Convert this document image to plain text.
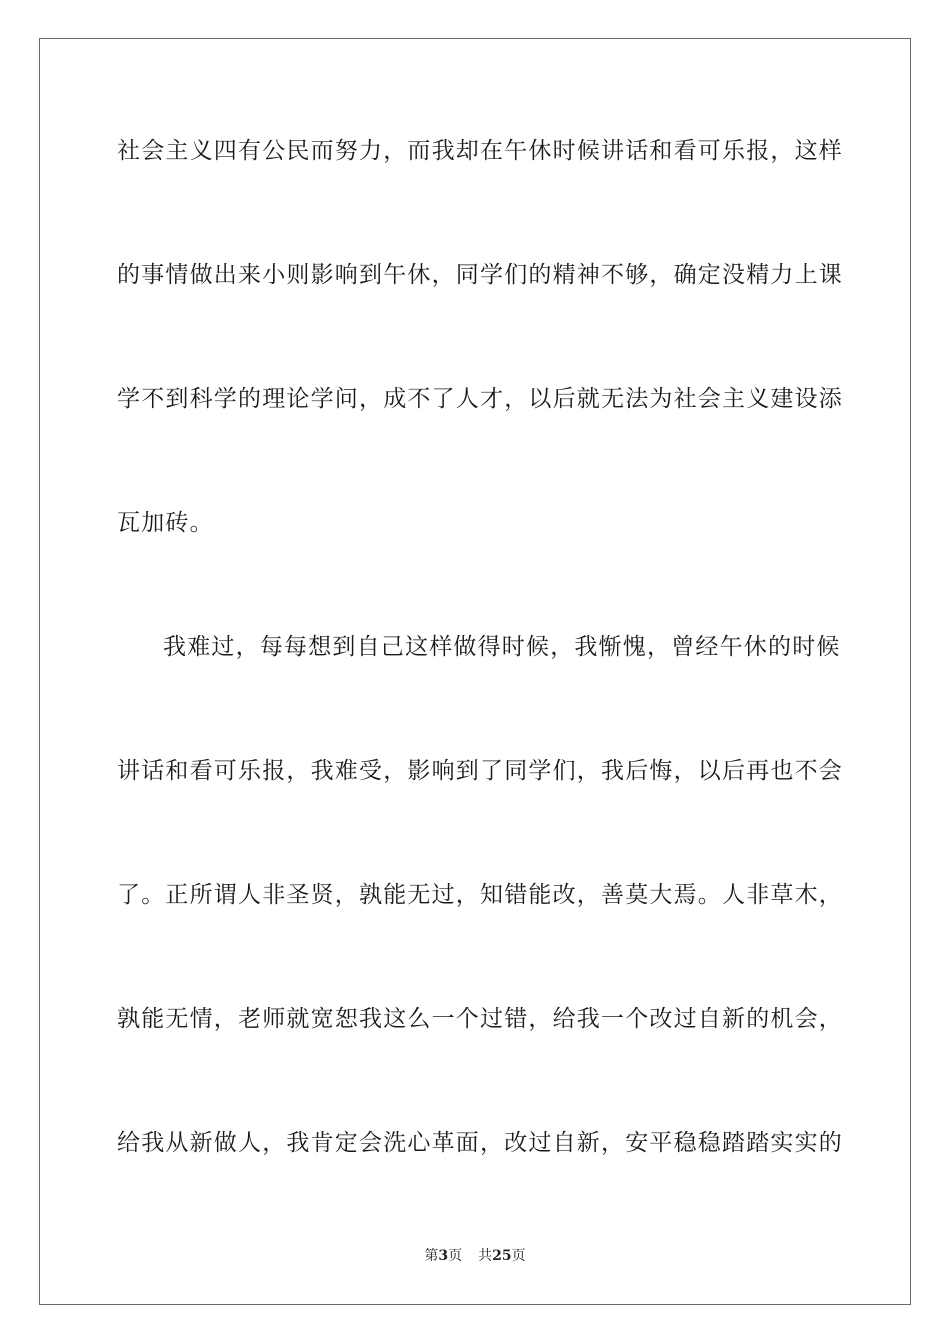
社会主义四有公民而努力，而我却在午休时候讲话和看可乐报，这样
的事情做出来小则影响到午休，同学们的精神不够，确定没精力上课
学不到科学的理论学问，成不了人才，以后就无法为社会主义建设添
瓦加砖。
我难过，每每想到自己这样做得时候，我惭愧，曾经午休的时候
讲话和看可乐报，我难受，影响到了同学们，我后悔，以后再也不会
了。正所谓人非圣贤，孰能无过，知错能改，善莫大焉。人非草木，
孰能无情，老师就宽恕我这么一个过错，给我一个改过自新的机会，
给我从新做人，我肯定会洗心革面，改过自新，安平稳稳踏踏实实的
第3页 共25页
